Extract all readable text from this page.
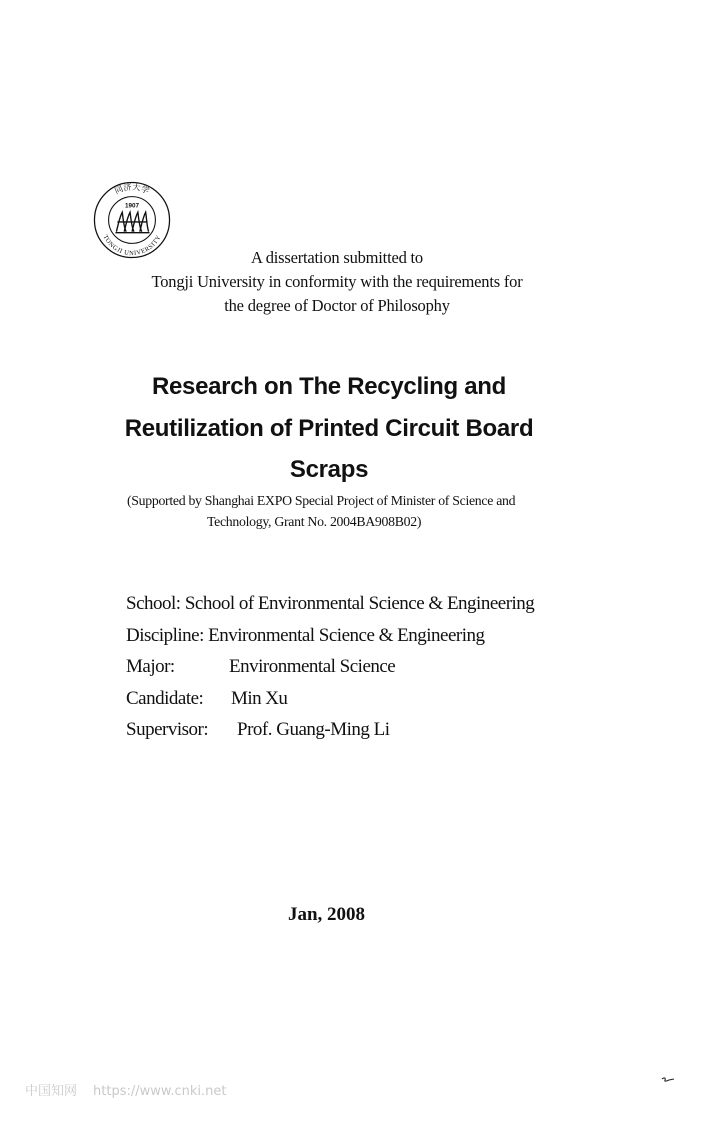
同济大学
TONGJI UNIVERSITY
1907
A dissertation submitted to
Tongji University in conformity with the requirements for
the degree of Doctor of Philosophy
Research on The Recycling and
Reutilization of Printed Circuit Board
Scraps
(Supported by Shanghai EXPO Special Project of Minister of Science and
Technology, Grant No. 2004BA908B02)
School: School of Environmental Science & Engineering
Discipline: Environmental Science & Engineering
Major:	Environmental Science
Candidate: Min Xu
Supervisor: Prof. Guang-Ming Li
Jan, 2008
中国知网 https://www.cnki.net
